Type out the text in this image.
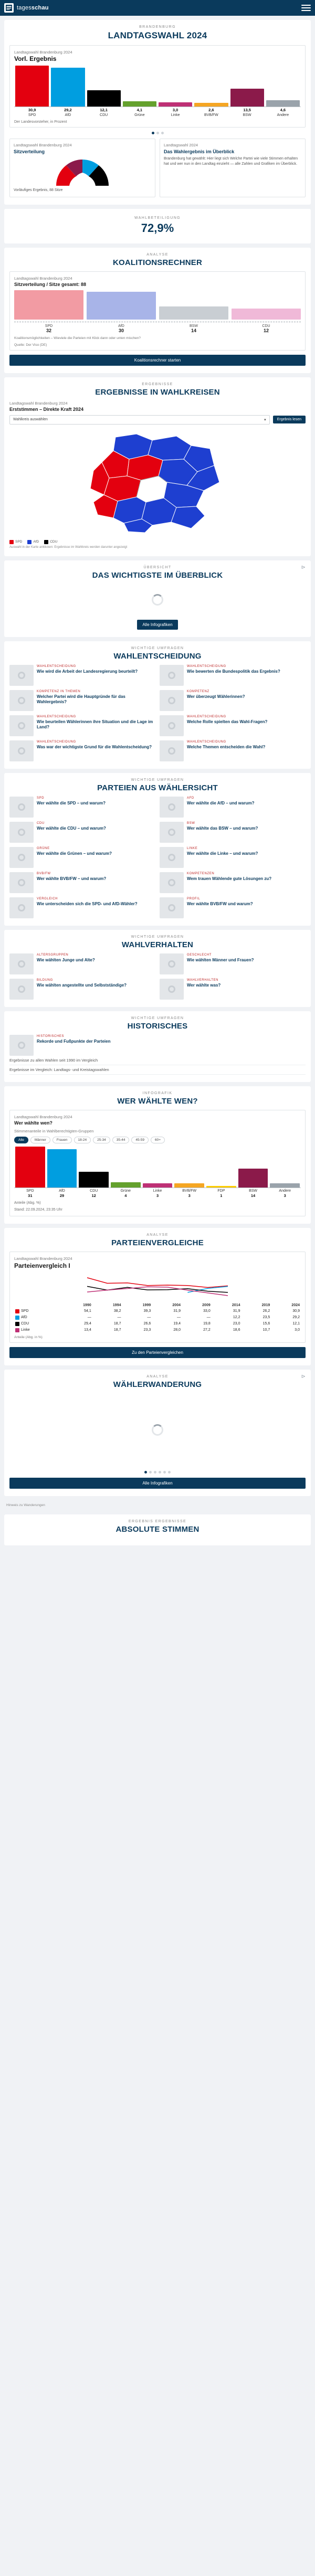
tagesschau
BRANDENBURG
LANDTAGSWAHL 2024
Landtagswahl Brandenburg 2024
Vorl. Ergebnis
30,9	29,2	12,1	4,1	3,0	2,6	13,5	4,6
SPD	AfD	CDU	Grüne	Linke	BVB/FW	BSW	Andere
Der Landesvorsteher, in Prozent
Landtagswahl Brandenburg 2024
Sitzverteilung
Vorläufiges Ergebnis, 88 Sitze
Landtagswahl 2024
Das Wahlergebnis im Überblick
Brandenburg hat gewählt: Hier liegt sich Welche Partei wie viele Stimmen erhalten hat und wer nun in den Landtag einzieht — alle Zahlen und Grafiken im Überblick.
WAHLBETEILIGUNG
72,9%
ANALYSE
KOALITIONSRECHNER
Landtagswahl Brandenburg 2024
Sitzverteilung / Sitze gesamt: 88
SPD	AfD	BSW	CDU
32	30	14	12
Koalitionsmöglichkeiten – Wieviele die Parteien mit Klick dann oder unten mischen?
Quelle: Der Viso (DE)
Koalitionsrechner starten
ERGEBNISSE
ERGEBNISSE IN WAHLKREISEN
Landtagswahl Brandenburg 2024
Erststimmen – Direkte Kraft 2024
Wahlkreis auswählen	▾	Ergebnis lesen
SPD	AfD	CDU
Auswahl in der Karte anklicken: Ergebnisse im Wahlkreis werden darunter angezeigt
ÜBERSICHT
DAS WICHTIGSTE IM ÜBERBLICK
⊳
Alle Infografiken
WICHTIGE UMFRAGEN
WAHLENTSCHEIDUNG
WAHLENTSCHEIDUNG
Wie wird die Arbeit der Landesregierung beurteilt?
WAHLENTSCHEIDUNG
Wie bewerten die Bundespolitik das Ergebnis?
KOMPETENZ IN THEMEN
Welcher Partei wird die Hauptgründe für das Wahlergebnis?
KOMPETENZ
Wer überzeugt Wählerinnen?
WAHLENTSCHEIDUNG
Wie beurteilen Wählerinnen ihre Situation und die Lage im Land?
WAHLENTSCHEIDUNG
Welche Rolle spielten das Wahl-Fragen?
WAHLENTSCHEIDUNG
Was war der wichtigste Grund für die Wahlentscheidung?
WAHLENTSCHEIDUNG
Welche Themen entscheiden die Wahl?
WICHTIGE UMFRAGEN
PARTEIEN AUS WÄHLERSICHT
SPD
Wer wählte die SPD – und warum?
AFD
Wer wählte die AfD – und warum?
CDU
Wer wählte die CDU – und warum?
BSW
Wer wählte das BSW – und warum?
GRÜNE
Wer wählte die Grünen – und warum?
LINKE
Wer wählte die Linke – und warum?
BVB/FW
Wer wählte BVB/FW – und warum?
KOMPETENZEN
Wem trauen Wählende gute Lösungen zu?
VERGLEICH
Wie unterscheiden sich die SPD- und AfD-Wähler?
PROFIL
Wer wählte BVB/FW und warum?
WICHTIGE UMFRAGEN
WAHLVERHALTEN
ALTERSGRUPPEN
Wie wählten Junge und Alte?
GESCHLECHT
Wie wählten Männer und Frauen?
BILDUNG
Wie wählten angestellte und Selbstständige?
WAHLVERHALTEN
Wer wählte was?
WICHTIGE UMFRAGEN
HISTORISCHES
HISTORISCHES
Rekorde und Fußpunkte der Parteien
Ergebnisse zu allen Wahlen seit 1990 im Vergleich
Ergebnisse im Vergleich: Landtags- und Kreistagswahlen
INFOGRAFIK
WER WÄHLTE WEN?
Landtagswahl Brandenburg 2024
Wer wählte wen?
Stimmenanteile in Wahlberechtigten-Gruppen
Alle	Männer	Frauen	18-24	25-34	35-44	45-59	60+
SPD	AfD	CDU	Grüne	Linke	BVB/FW	FDP	BSW	Andere
31	29	12	4	3	3	1	14	3
Anteile (Abg. %)
Stand: 22.09.2024, 23:35 Uhr
ANALYSE
PARTEIENVERGLEICHE
Landtagswahl Brandenburg 2024
Parteienvergleich I
	1990	1994	1999	2004	2009	2014	2019	2024

SPD	54,1	38,2	39,3	31,9	33,0	31,9	26,2	30,9

AfD	—	—	—	—	—	12,2	23,5	29,2

CDU	29,4	18,7	26,6	19,4	19,8	23,0	15,6	12,1

Linke	13,4	18,7	23,3	28,0	27,2	18,6	10,7	3,0
Anteile (Abg. in %)
Zu den Parteienvergleichen
ANALYSE
WÄHLERWANDERUNG
⊳
Alle Infografiken
Hinweis zu Wanderungen
ERGEBNIS ERGEBNISSE
ABSOLUTE STIMMEN
